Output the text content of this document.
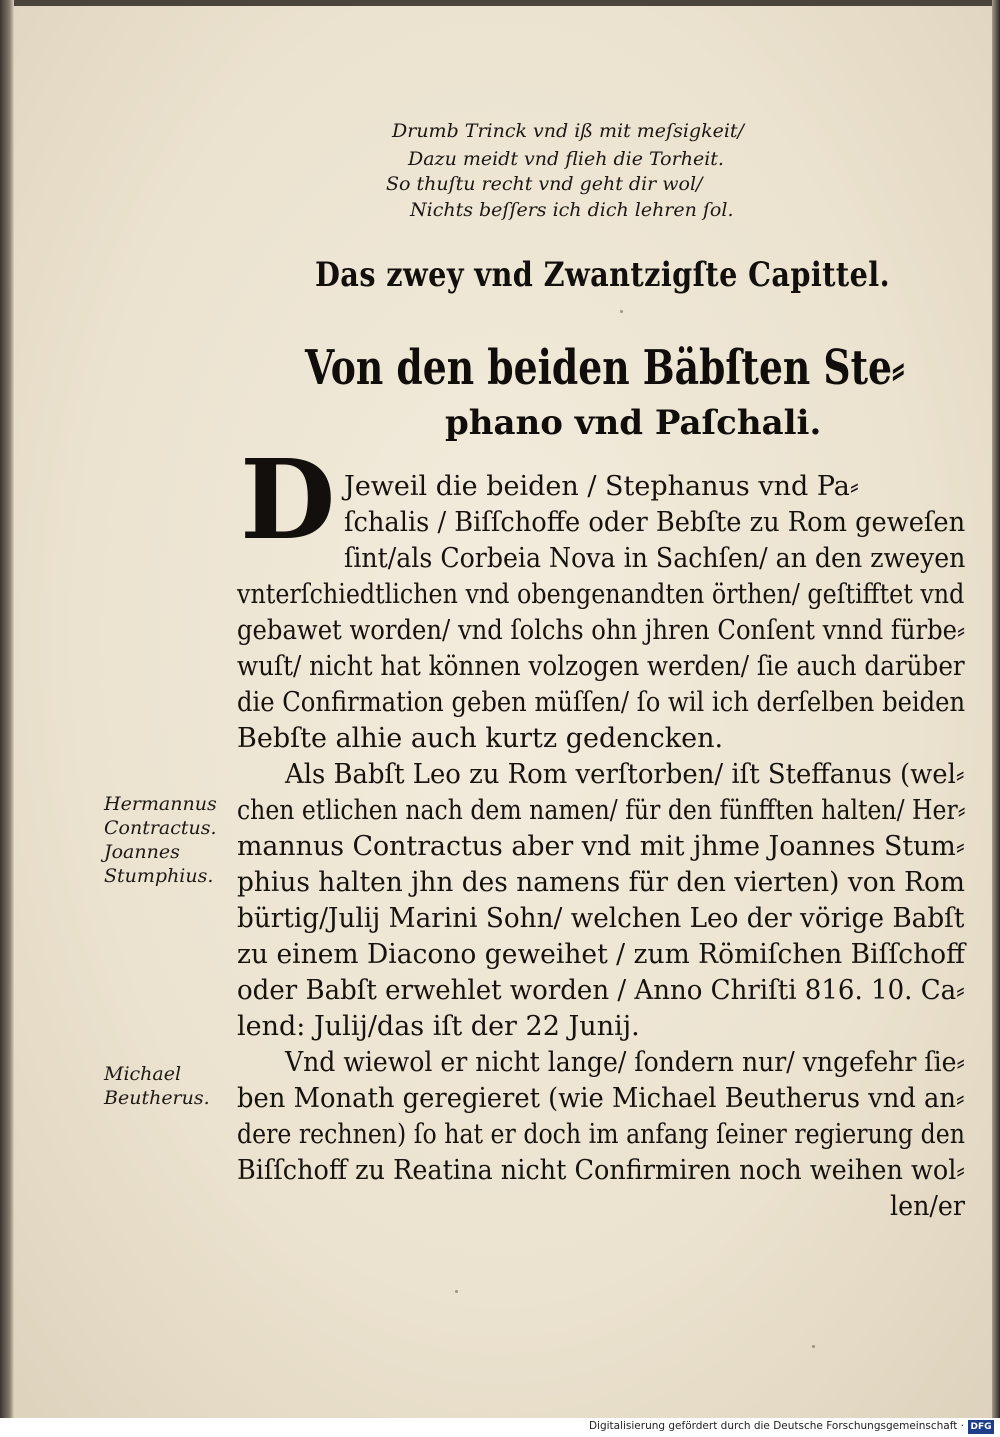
Drumb Trinck vnd iß mit meſsigkeit/
Dazu meidt vnd flieh die Torheit.
So thuſtu recht vnd geht dir wol/
Nichts beſſers ich dich lehren ſol.
Das zwey vnd Zwantzigſte Capittel.
Von den beiden Bäbſten Ste⸗
phano vnd Paſchali.
D Jeweil die beiden / Stephanus vnd Pa⸗
ſchalis / Biſſchoffe oder Bebſte zu Rom geweſen
ſint/als Corbeia Nova in Sachſen/ an den zweyen
vnterſchiedtlichen vnd obengenandten örthen/ geſtifftet vnd
gebawet worden/ vnd ſolchs ohn jhren Conſent vnnd fürbe⸗
wuſt/ nicht hat können volzogen werden/ ſie auch darüber
die Confirmation geben müſſen/ ſo wil ich derſelben beiden
Bebſte alhie auch kurtz gedencken.
Als Babſt Leo zu Rom verſtorben/ iſt Steffanus (wel⸗
chen etlichen nach dem namen/ für den fünfften halten/ Her⸗
mannus Contractus aber vnd mit jhme Joannes Stum⸗
phius halten jhn des namens für den vierten) von Rom
bürtig/Julij Marini Sohn/ welchen Leo der vörige Babſt
zu einem Diacono geweihet / zum Römiſchen Biſſchoff
oder Babſt erwehlet worden / Anno Chriſti 816. 10. Ca⸗
lend: Julij/das iſt der 22 Junij.
Vnd wiewol er nicht lange/ ſondern nur/ vngefehr ſie⸗
ben Monath geregieret (wie Michael Beutherus vnd an⸗
dere rechnen) ſo hat er doch im anfang ſeiner regierung den
Biſſchoff zu Reatina nicht Confirmiren noch weihen wol⸗
len/er
Hermannus
Contractus.
Joannes
Stumphius.
Michael
Beutherus.
Digitalisierung gefördert durch die Deutsche Forschungsgemeinschaft · DFG
